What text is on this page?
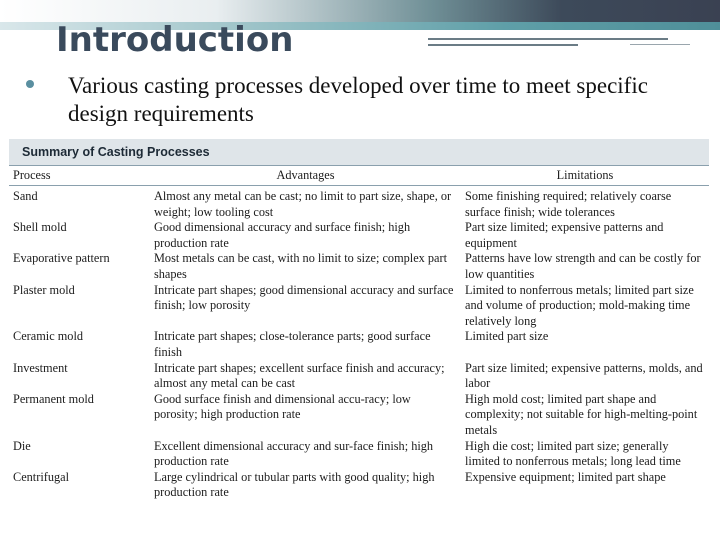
Introduction
Various casting processes developed over time to meet specific design requirements
Summary of Casting Processes
Process	Advantages	Limitations
Sand	Almost any metal can be cast; no limit to part size, shape, or weight; low tooling cost	Some finishing required; relatively coarse surface finish; wide tolerances
Shell mold	Good dimensional accuracy and surface finish; high production rate	Part size limited; expensive patterns and equipment
Evaporative pattern	Most metals can be cast, with no limit to size; complex part shapes	Patterns have low strength and can be costly for low quantities
Plaster mold	Intricate part shapes; good dimensional accuracy and surface finish; low porosity	Limited to nonferrous metals; limited part size and volume of production; mold-making time relatively long
Ceramic mold	Intricate part shapes; close-tolerance parts; good surface finish	Limited part size
Investment	Intricate part shapes; excellent surface finish and accuracy; almost any metal can be cast	Part size limited; expensive patterns, molds, and labor
Permanent mold	Good surface finish and dimensional accu-racy; low porosity; high production rate	High mold cost; limited part shape and complexity; not suitable for high-melting-point metals
Die	Excellent dimensional accuracy and sur-face finish; high production rate	High die cost; limited part size; generally limited to nonferrous metals; long lead time
Centrifugal	Large cylindrical or tubular parts with good quality; high production rate	Expensive equipment; limited part shape
